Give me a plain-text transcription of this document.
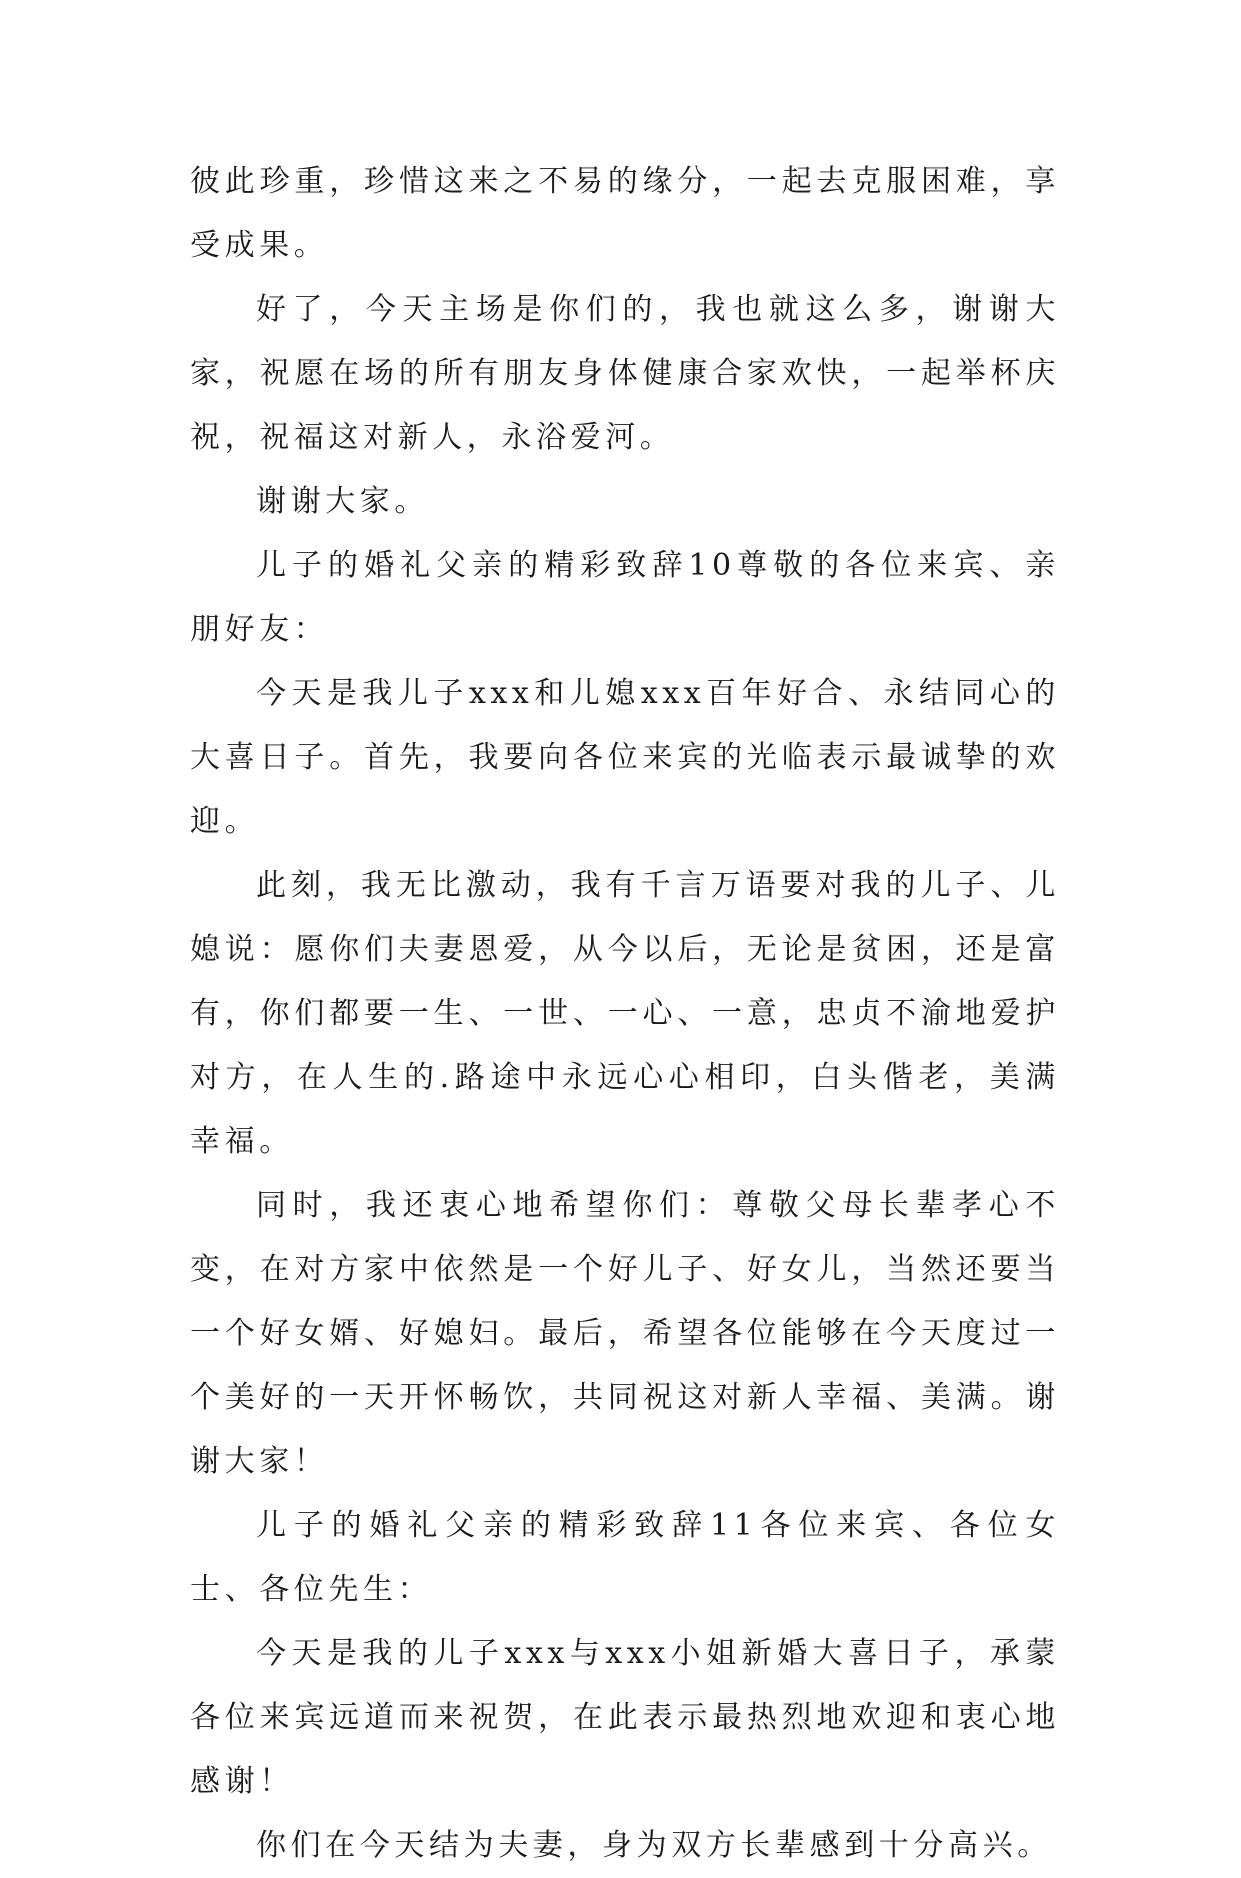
彼此珍重，珍惜这来之不易的缘分，一起去克服困难，享受成果。

好了，今天主场是你们的，我也就这么多，谢谢大家，祝愿在场的所有朋友身体健康合家欢快，一起举杯庆祝，祝福这对新人，永浴爱河。

谢谢大家。

儿子的婚礼父亲的精彩致辞10尊敬的各位来宾、亲朋好友：

今天是我儿子xxx和儿媳xxx百年好合、永结同心的大喜日子。首先，我要向各位来宾的光临表示最诚挚的欢迎。

此刻，我无比激动，我有千言万语要对我的儿子、儿媳说：愿你们夫妻恩爱，从今以后，无论是贫困，还是富有，你们都要一生、一世、一心、一意，忠贞不渝地爱护对方，在人生的.路途中永远心心相印，白头偕老，美满幸福。

同时，我还衷心地希望你们：尊敬父母长辈孝心不变，在对方家中依然是一个好儿子、好女儿，当然还要当一个好女婿、好媳妇。最后，希望各位能够在今天度过一个美好的一天开怀畅饮，共同祝这对新人幸福、美满。谢谢大家！

儿子的婚礼父亲的精彩致辞11各位来宾、各位女士、各位先生：

今天是我的儿子xxx与xxx小姐新婚大喜日子，承蒙各位来宾远道而来祝贺，在此表示最热烈地欢迎和衷心地感谢！

你们在今天结为夫妻，身为双方长辈感到十分高兴。
